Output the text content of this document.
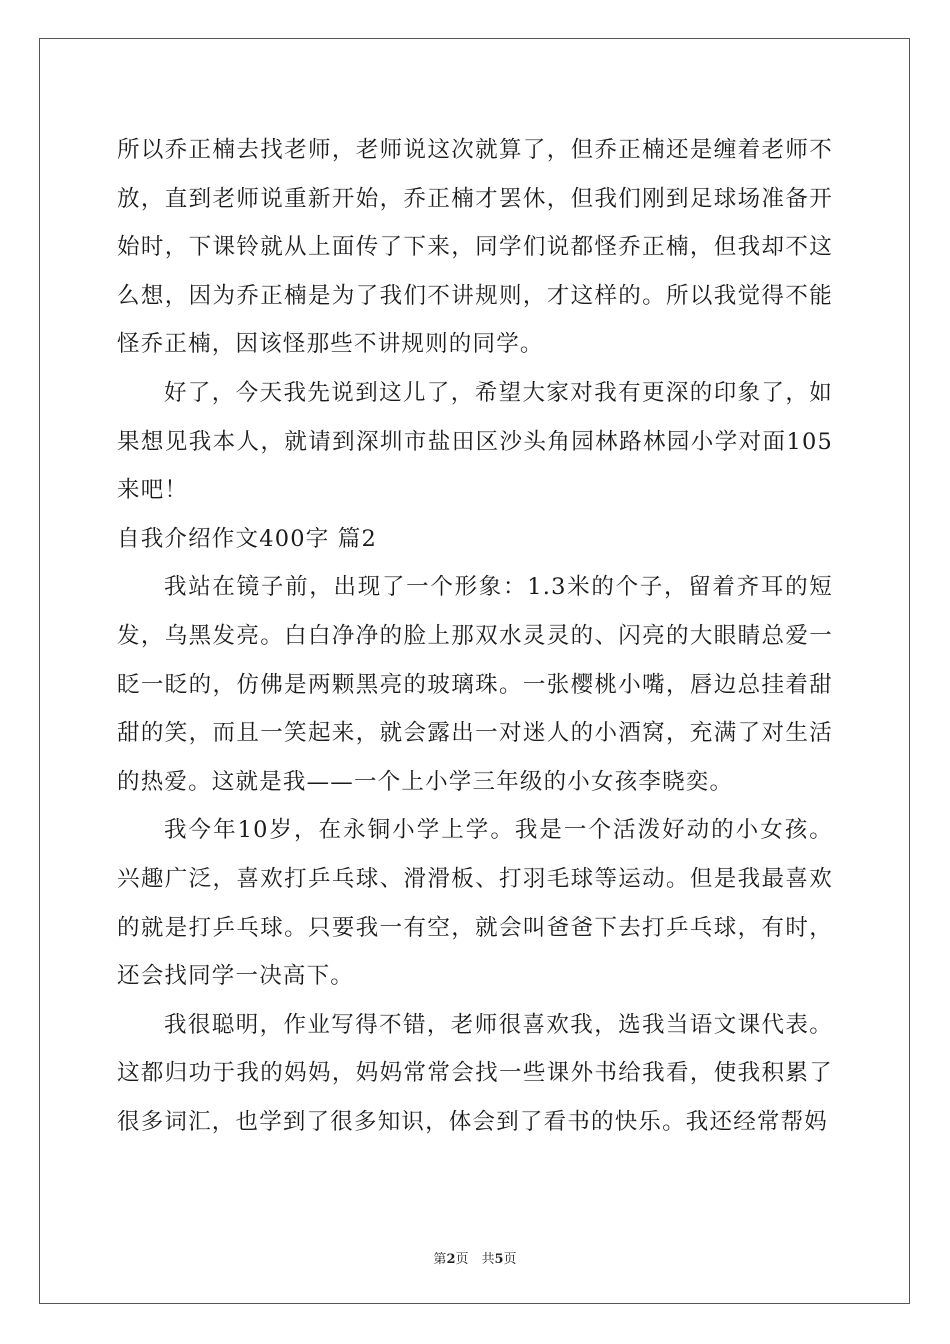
所以乔正楠去找老师，老师说这次就算了，但乔正楠还是缠着老师不放，直到老师说重新开始，乔正楠才罢休，但我们刚到足球场准备开始时，下课铃就从上面传了下来，同学们说都怪乔正楠，但我却不这么想，因为乔正楠是为了我们不讲规则，才这样的。所以我觉得不能怪乔正楠，因该怪那些不讲规则的同学。

好了，今天我先说到这儿了，希望大家对我有更深的印象了，如果想见我本人，就请到深圳市盐田区沙头角园林路林园小学对面105来吧！

自我介绍作文400字 篇2

我站在镜子前，出现了一个形象：1.3米的个子，留着齐耳的短发，乌黑发亮。白白净净的脸上那双水灵灵的、闪亮的大眼睛总爱一眨一眨的，仿佛是两颗黑亮的玻璃珠。一张樱桃小嘴，唇边总挂着甜甜的笑，而且一笑起来，就会露出一对迷人的小酒窝，充满了对生活的热爱。这就是我——一个上小学三年级的小女孩李晓奕。

我今年10岁，在永铜小学上学。我是一个活泼好动的小女孩。兴趣广泛，喜欢打乒乓球、滑滑板、打羽毛球等运动。但是我最喜欢的就是打乒乓球。只要我一有空，就会叫爸爸下去打乒乓球，有时，还会找同学一决高下。

我很聪明，作业写得不错，老师很喜欢我，选我当语文课代表。这都归功于我的妈妈，妈妈常常会找一些课外书给我看，使我积累了很多词汇，也学到了很多知识，体会到了看书的快乐。我还经常帮妈

第2页　共5页
